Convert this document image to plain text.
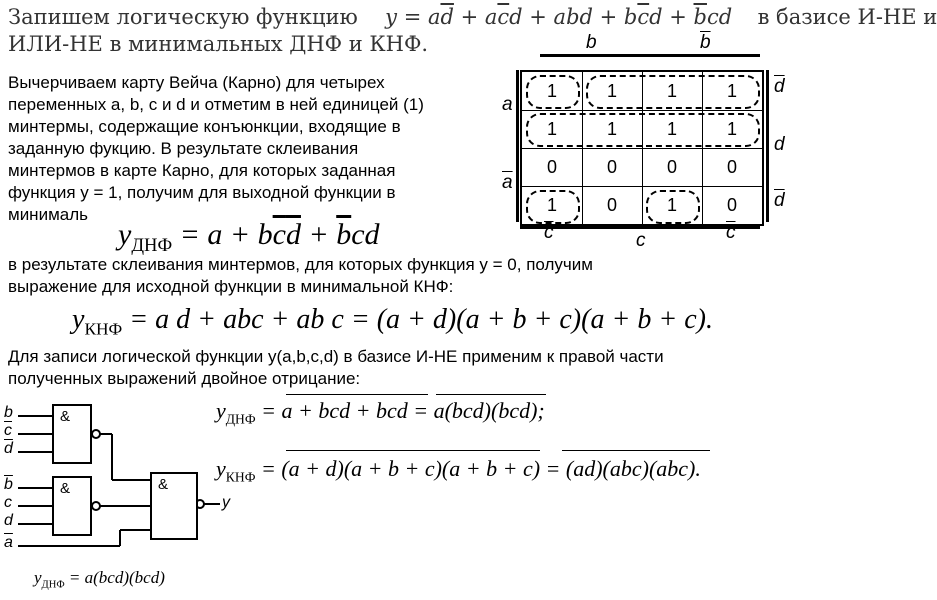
Запишем логическую функцию $y = a\overline{d} + a\overline{c}d$ + abd + $b\overline{c}d + \overline{b}cd$ в базисе И-НЕ и
ИЛИ-НЕ в минимальных ДНФ и КНФ.
Вычерчиваем карту Вейча (Карно) для четырех
переменных a, b, c и d и отметим в ней единицей (1)
минтермы, содержащие конъюнкции, входящие в
заданную фукцию. В результате склеивания
минтермов в карте Карно, для которых заданная
функция y = 1, получим для выходной функции в
минималь
$y_{ДНФ} = a + b\overline{c}\overline{d} + \overline{b}cd$
в результате склеивания минтермов, для которых функция y = 0, получим
выражение для исходной функции в минимальной КНФ:
$y_{КНФ} = a$ d + abc + ab c = (a + d)(a + b + c)(a + b + c).
Для записи логической функции y(a,b,c,d) в базисе И-НЕ применим к правой части
полученных выражений двойное отрицание:
$y_{ДНФ} = a$ + bcd + bcd = a(bcd)(bcd);
$y_{КНФ} = (a + d)(a + b + c)(a + b + c) = (ad)(abc)(abc)$.
b	$\overline{b}$
1	1	1	1
1	1	1	1
0	0	0	0
1	0	1	0
a
$\overline{a}$
$\overline{d}$
d
$\overline{d}$
$\overline{c}$	c	$\overline{c}$
&
&	&
b
$\overline{c}$
$\overline{d}$
$\overline{b}$
c
d
$\overline{a}$
y
$y_{ДНФ} = a(bcd)(bcd)$
